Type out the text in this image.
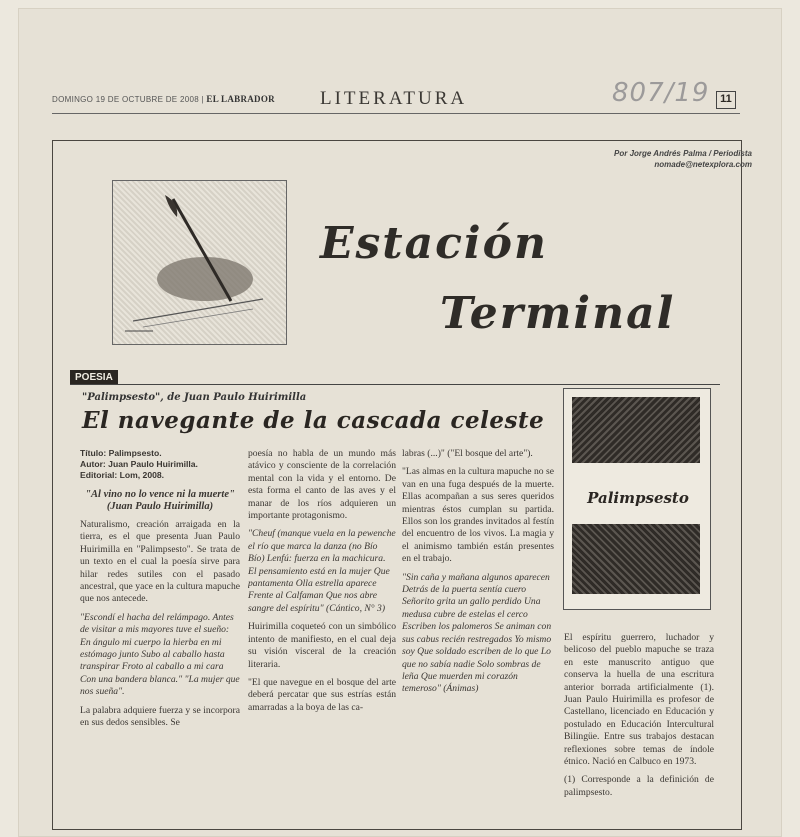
DOMINGO 19 DE OCTUBRE DE 2008 | EL LABRADOR LITERATURA	807/19 11
Por Jorge Andrés Palma / Periodista
nomade@netexplora.com
Estación
Terminal
POESIA
"Palimpsesto", de Juan Paulo Huirimilla
El navegante de la cascada celeste
Título: Palimpsesto.
Autor: Juan Paulo Huirimilla.
Editorial: Lom, 2008.

"Al vino no lo vence ni la muerte" (Juan Paulo Huirimilla)

Naturalismo, creación arraigada en la tierra, es el que presenta Juan Paulo Huirimilla en "Palimpsesto". Se trata de un texto en el cual la poesía sirve para hilar redes sutiles con el pasado ancestral, que yace en la cultura mapuche que nos antecede.

"Escondí el hacha del relámpago. Antes de visitar a mis mayores tuve el sueño: En ángulo mi cuerpo la hierba en mi estómago junto Subo al caballo hasta transpirar Froto al caballo a mi cara Con una bandera blanca." "La mujer que nos sueña".

La palabra adquiere fuerza y se incorpora en sus dedos sensibles. Se

poesía no habla de un mundo más atávico y consciente de la correlación mental con la vida y el entorno. De esta forma el canto de las aves y el manar de los ríos adquieren un importante protagonismo.

"Cheuf (manque vuela en la pewenche el río que marca la danza (no Bío Bío) Lenfú: fuerza en la machicura. El pensamiento está en la mujer Que pantamenta Olla estrella aparece Frente al Calfaman Que nos abre sangre del espíritu" (Cántico, N° 3)

Huirimilla coqueteó con un simbólico intento de manifiesto, en el cual deja su visión visceral de la creación literaria.

"El que navegue en el bosque del arte deberá percatar que sus estrías están amarradas a la boya de las ca-

labras (...)" ("El bosque del arte").

"Las almas en la cultura mapuche no se van en una fuga después de la muerte. Ellas acompañan a sus seres queridos mientras éstos cumplan su partida. Ellos son los grandes invitados al festín del encuentro de los vivos. La magia y el animismo también están presentes en el trabajo.

"Sin caña y mañana algunos aparecen Detrás de la puerta sentía cuero Señorito grita un gallo perdido Una medusa cubre de estelas el cerco Escriben los palomeros Se animan con sus cabus recién restregados Yo mismo soy Que soldado escriben de lo que Lo que no sabía nadie Solo sombras de leña Que muerden mi corazón temeroso" (Ánimas)

Palimpsesto

El espíritu guerrero, luchador y belicoso del pueblo mapuche se traza en este manuscrito antiguo que conserva la huella de una escritura anterior borrada artificialmente (1). Juan Paulo Huirimilla es profesor de Castellano, licenciado en Educación y postulado en Educación Intercultural Bilingüe. Entre sus trabajos destacan reflexiones sobre temas de índole étnico. Nació en Calbuco en 1973.

(1) Corresponde a la definición de palimpsesto.
